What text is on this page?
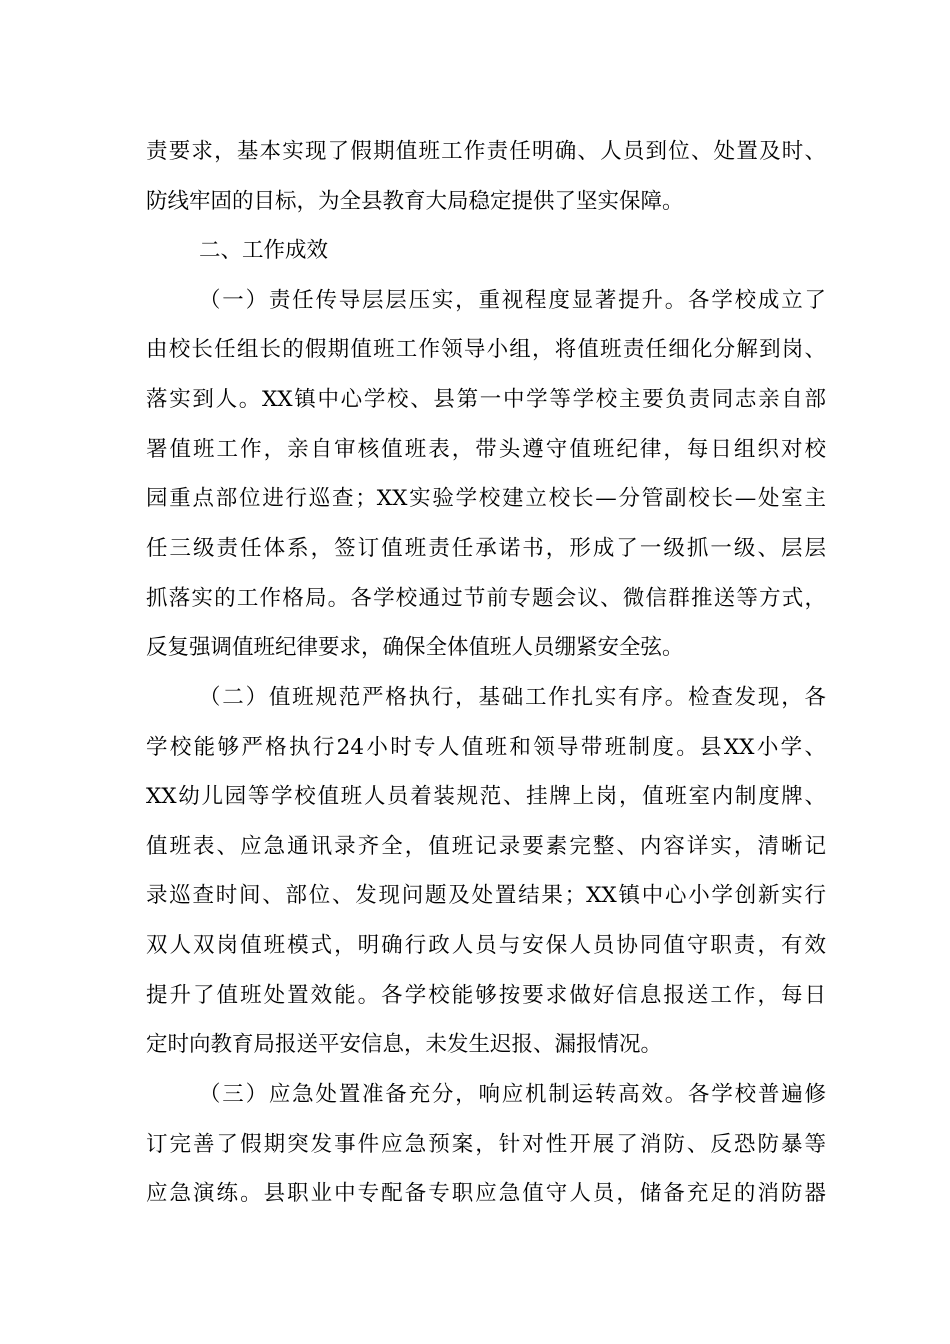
责要求，基本实现了假期值班工作责任明确、人员到位、处置及时、
防线牢固的目标，为全县教育大局稳定提供了坚实保障。
二、工作成效
（一）责任传导层层压实，重视程度显著提升。各学校成立了
由校长任组长的假期值班工作领导小组，将值班责任细化分解到岗、
落实到人。XX镇中心学校、县第一中学等学校主要负责同志亲自部
署值班工作，亲自审核值班表，带头遵守值班纪律，每日组织对校
园重点部位进行巡查；XX实验学校建立校长—分管副校长—处室主
任三级责任体系，签订值班责任承诺书，形成了一级抓一级、层层
抓落实的工作格局。各学校通过节前专题会议、微信群推送等方式，
反复强调值班纪律要求，确保全体值班人员绷紧安全弦。
（二）值班规范严格执行，基础工作扎实有序。检查发现，各
学校能够严格执行24小时专人值班和领导带班制度。县XX小学、
XX幼儿园等学校值班人员着装规范、挂牌上岗，值班室内制度牌、
值班表、应急通讯录齐全，值班记录要素完整、内容详实，清晰记
录巡查时间、部位、发现问题及处置结果；XX镇中心小学创新实行
双人双岗值班模式，明确行政人员与安保人员协同值守职责，有效
提升了值班处置效能。各学校能够按要求做好信息报送工作，每日
定时向教育局报送平安信息，未发生迟报、漏报情况。
（三）应急处置准备充分，响应机制运转高效。各学校普遍修
订完善了假期突发事件应急预案，针对性开展了消防、反恐防暴等
应急演练。县职业中专配备专职应急值守人员，储备充足的消防器
